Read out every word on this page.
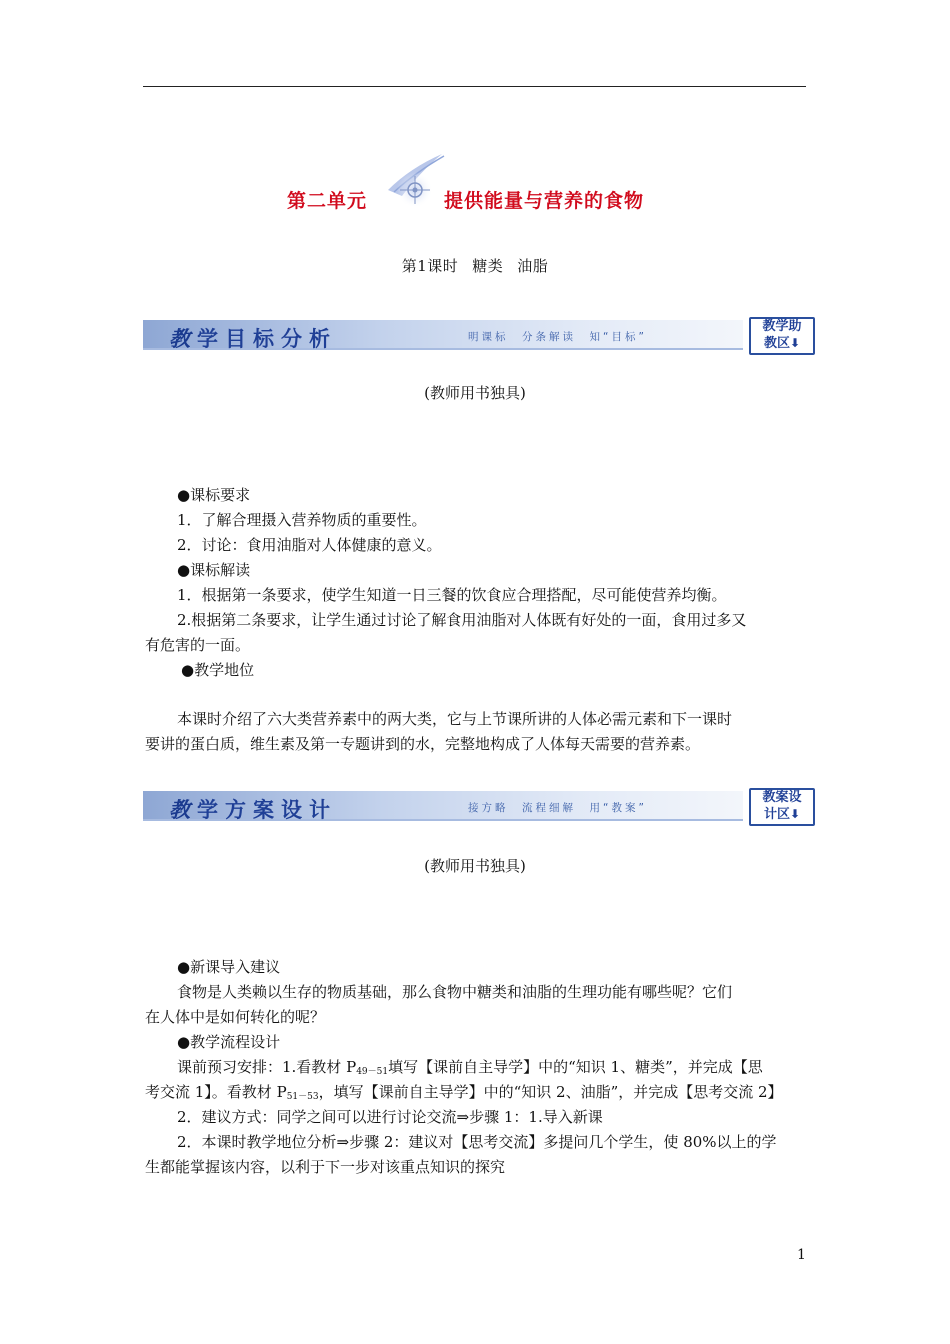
第二单元	提供能量与营养的食物
第1课时 糖类 油脂
教学目标分析	明课标　分条解读　知“目标”
教学助
教区⬇
(教师用书独具)

●课标要求

1．了解合理摄入营养物质的重要性。

2．讨论：食用油脂对人体健康的意义。

●课标解读

1．根据第一条要求，使学生知道一日三餐的饮食应合理搭配，尽可能使营养均衡。

2.根据第二条要求，让学生通过讨论了解食用油脂对人体既有好处的一面，食用过多又

有危害的一面。

●教学地位

本课时介绍了六大类营养素中的两大类，它与上节课所讲的人体必需元素和下一课时

要讲的蛋白质，维生素及第一专题讲到的水，完整地构成了人体每天需要的营养素。

教学方案设计	接方略　流程细解　用“教案”
教案设
计区⬇
(教师用书独具)

●新课导入建议

食物是人类赖以生存的物质基础，那么食物中糖类和油脂的生理功能有哪些呢？它们

在人体中是如何转化的呢？

●教学流程设计

课前预习安排：1.看教材 $P_{49-51}$填写【课前自主导学】中的“知识 1、糖类”，并完成【思

考交流 1】。看教材 $P_{51-53}$，填写【课前自主导学】中的“知识 2、油脂”，并完成【思考交流 2】

2．建议方式：同学之间可以进行讨论交流⇒步骤 1：1.导入新课

2．本课时教学地位分析⇒步骤 2：建议对【思考交流】多提问几个学生，使 80%以上的学

生都能掌握该内容，以利于下一步对该重点知识的探究

1
